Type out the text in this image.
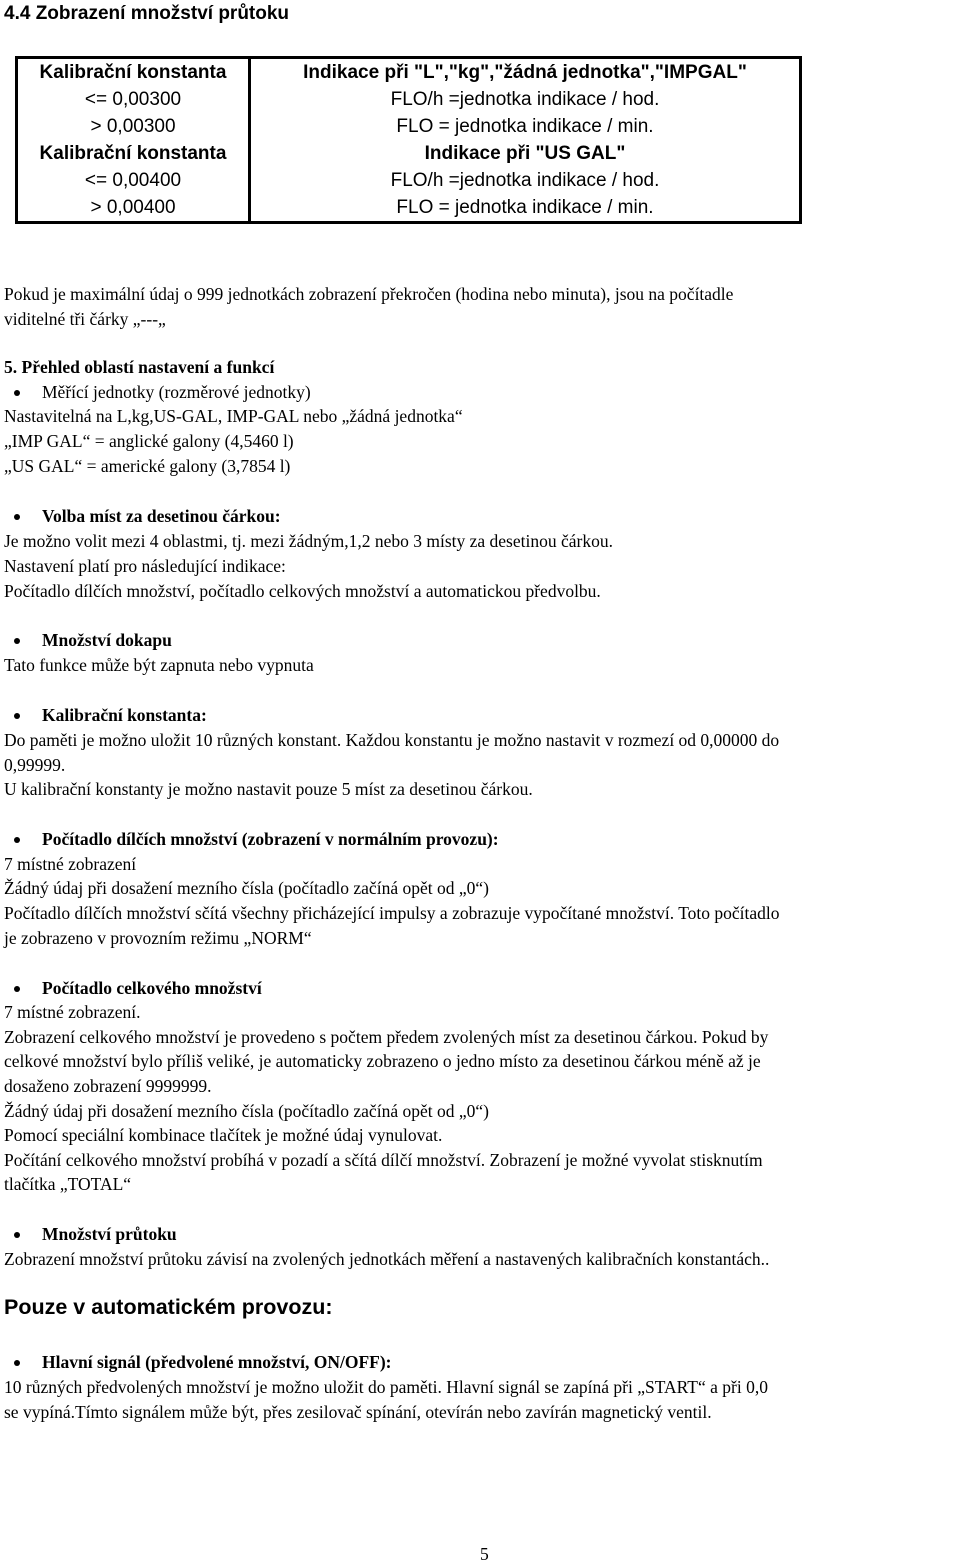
4.4 Zobrazení množství průtoku
Kalibrační konstanta	Indikace při "L","kg","žádná jednotka","IMPGAL"
<= 0,00300	FLO/h =jednotka indikace / hod.
> 0,00300	FLO = jednotka indikace / min.
Kalibrační konstanta	Indikace při "US GAL"
<= 0,00400	FLO/h =jednotka indikace / hod.
> 0,00400	FLO = jednotka indikace / min.
Pokud je maximální údaj o 999 jednotkách zobrazení překročen (hodina nebo minuta), jsou na počítadle
viditelné tři čárky „---„
5. Přehled oblastí nastavení a funkcí
Měřící jednotky (rozměrové jednotky)
Nastavitelná na L,kg,US-GAL, IMP-GAL nebo „žádná jednotka“
„IMP GAL“ = anglické galony (4,5460 l)
„US GAL“ = americké galony (3,7854 l)
Volba míst za desetinou čárkou:
Je možno volit mezi 4 oblastmi, tj. mezi žádným,1,2 nebo 3 místy za desetinou čárkou.
Nastavení platí pro následující indikace:
Počítadlo dílčích množství, počítadlo celkových množství a automatickou předvolbu.
Množství dokapu
Tato funkce může být zapnuta nebo vypnuta
Kalibrační konstanta:
Do paměti je možno uložit 10 různých konstant. Každou konstantu je možno nastavit v rozmezí od 0,00000 do
0,99999.
U kalibrační konstanty je možno nastavit pouze 5 míst za desetinou čárkou.
Počítadlo dílčích množství (zobrazení v normálním provozu):
7 místné zobrazení
Žádný údaj při dosažení mezního čísla (počítadlo začíná opět od „0“)
Počítadlo dílčích množství sčítá všechny přicházející impulsy a zobrazuje vypočítané množství. Toto počítadlo
je zobrazeno v provozním režimu „NORM“
Počítadlo celkového množství
7 místné zobrazení.
Zobrazení celkového množství je provedeno s počtem předem zvolených míst za desetinou čárkou. Pokud by
celkové množství bylo příliš veliké, je automaticky zobrazeno o jedno místo za desetinou čárkou méně až je
dosaženo zobrazení 9999999.
Žádný údaj při dosažení mezního čísla (počítadlo začíná opět od „0“)
Pomocí speciální kombinace tlačítek je možné údaj vynulovat.
Počítání celkového množství probíhá v pozadí a sčítá dílčí množství. Zobrazení je možné vyvolat stisknutím
tlačítka „TOTAL“
Množství průtoku
Zobrazení množství průtoku závisí na zvolených jednotkách měření a nastavených kalibračních konstantách..
Pouze v automatickém provozu:
Hlavní signál (předvolené množství, ON/OFF):
10 různých předvolených množství je možno uložit do paměti. Hlavní signál se zapíná při „START“ a při 0,0
se vypíná.Tímto signálem může být, přes zesilovač spínání, otevírán nebo zavírán magnetický ventil.
5
